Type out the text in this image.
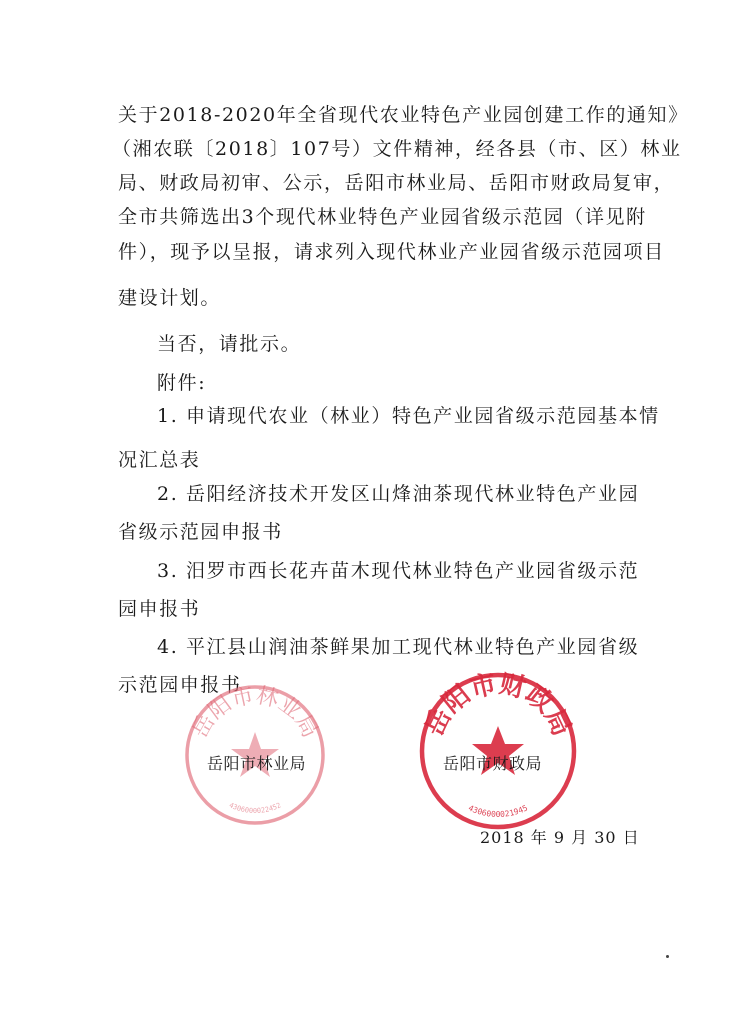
关于2018-2020年全省现代农业特色产业园创建工作的通知》
（湘农联〔2018〕107号）文件精神，经各县（市、区）林业
局、财政局初审、公示，岳阳市林业局、岳阳市财政局复审，
全市共筛选出3个现代林业特色产业园省级示范园（详见附
件），现予以呈报，请求列入现代林业产业园省级示范园项目
建设计划。
当否，请批示。
附件:
1. 申请现代农业（林业）特色产业园省级示范园基本情
况汇总表
2. 岳阳经济技术开发区山烽油茶现代林业特色产业园
省级示范园申报书
3. 汨罗市西长花卉苗木现代林业特色产业园省级示范
园申报书
4. 平江县山润油茶鲜果加工现代林业特色产业园省级
示范园申报书
岳阳市林业局
4306000022452
岳阳市财政局
4306000021945
岳阳市林业局	岳阳市财政局
2018 年 9 月 30 日
